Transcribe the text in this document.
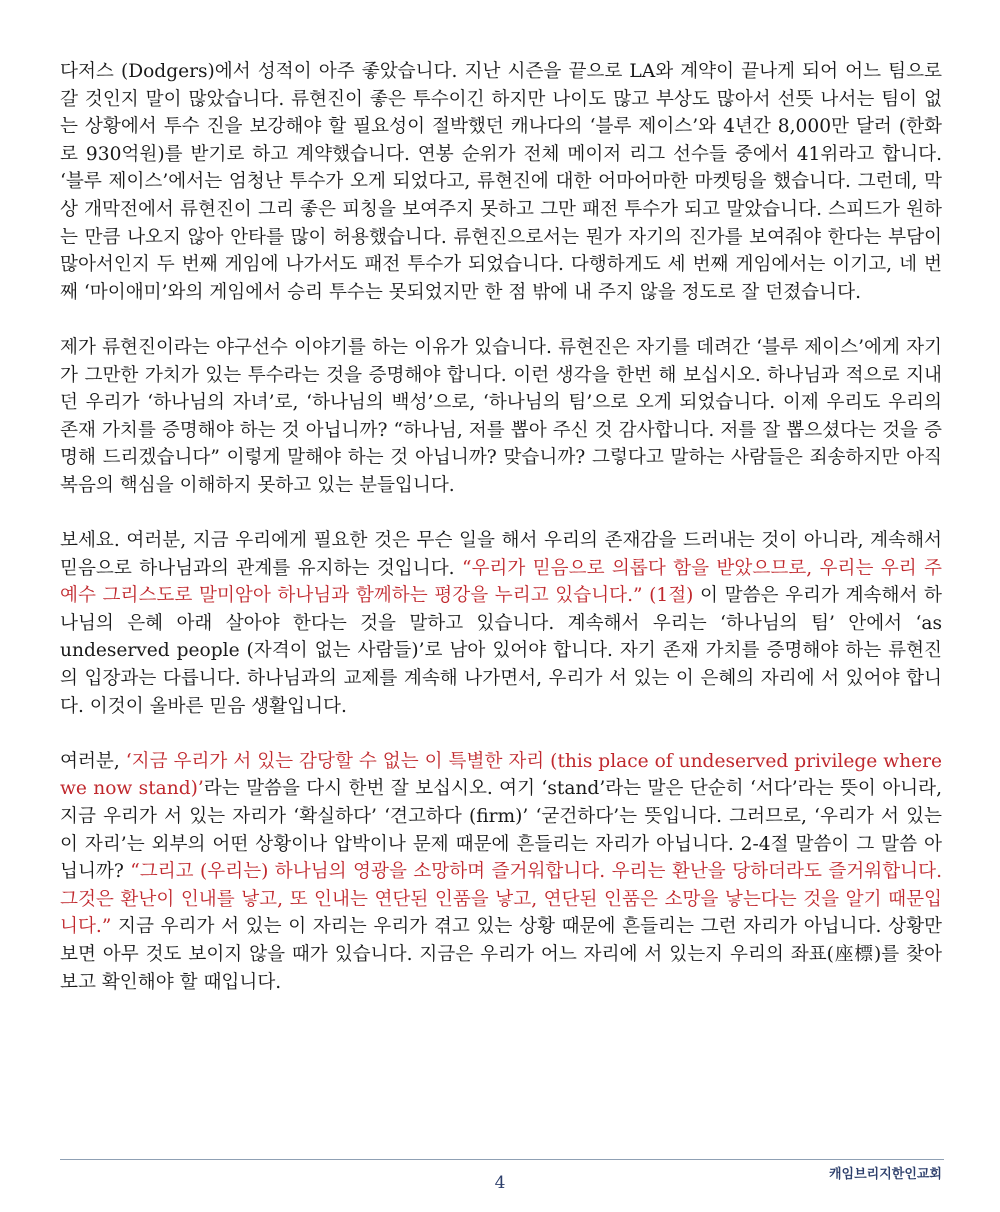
다저스 (Dodgers)에서 성적이 아주 좋았습니다. 지난 시즌을 끝으로 LA와 계약이 끝나게 되어 어느 팀으로 갈 것인지 말이 많았습니다. 류현진이 좋은 투수이긴 하지만 나이도 많고 부상도 많아서 선뜻 나서는 팀이 없는 상황에서 투수 진을 보강해야 할 필요성이 절박했던 캐나다의 ‘블루 제이스’와 4년간 8,000만 달러 (한화로 930억원)를 받기로 하고 계약했습니다. 연봉 순위가 전체 메이저 리그 선수들 중에서 41위라고 합니다. ‘블루 제이스’에서는 엄청난 투수가 오게 되었다고, 류현진에 대한 어마어마한 마켓팅을 했습니다. 그런데, 막상 개막전에서 류현진이 그리 좋은 피칭을 보여주지 못하고 그만 패전 투수가 되고 말았습니다. 스피드가 원하는 만큼 나오지 않아 안타를 많이 허용했습니다. 류현진으로서는 뭔가 자기의 진가를 보여줘야 한다는 부담이 많아서인지 두 번째 게임에 나가서도 패전 투수가 되었습니다. 다행하게도 세 번째 게임에서는 이기고, 네 번째 ‘마이애미’와의 게임에서 승리 투수는 못되었지만 한 점 밖에 내 주지 않을 정도로 잘 던졌습니다.

제가 류현진이라는 야구선수 이야기를 하는 이유가 있습니다. 류현진은 자기를 데려간 ‘블루 제이스’에게 자기가 그만한 가치가 있는 투수라는 것을 증명해야 합니다. 이런 생각을 한번 해 보십시오. 하나님과 적으로 지내던 우리가 ‘하나님의 자녀’로, ‘하나님의 백성’으로, ‘하나님의 팀’으로 오게 되었습니다. 이제 우리도 우리의 존재 가치를 증명해야 하는 것 아닙니까? “하나님, 저를 뽑아 주신 것 감사합니다. 저를 잘 뽑으셨다는 것을 증명해 드리겠습니다” 이렇게 말해야 하는 것 아닙니까? 맞습니까? 그렇다고 말하는 사람들은 죄송하지만 아직 복음의 핵심을 이해하지 못하고 있는 분들입니다.

보세요. 여러분, 지금 우리에게 필요한 것은 무슨 일을 해서 우리의 존재감을 드러내는 것이 아니라, 계속해서 믿음으로 하나님과의 관계를 유지하는 것입니다. “우리가 믿음으로 의롭다 함을 받았으므로, 우리는 우리 주 예수 그리스도로 말미암아 하나님과 함께하는 평강을 누리고 있습니다.” (1절) 이 말씀은 우리가 계속해서 하나님의 은혜 아래 살아야 한다는 것을 말하고 있습니다. 계속해서 우리는 ‘하나님의 팀’ 안에서 ‘as undeserved people (자격이 없는 사람들)’로 남아 있어야 합니다. 자기 존재 가치를 증명해야 하는 류현진의 입장과는 다릅니다. 하나님과의 교제를 계속해 나가면서, 우리가 서 있는 이 은혜의 자리에 서 있어야 합니다. 이것이 올바른 믿음 생활입니다.

여러분, ‘지금 우리가 서 있는 감당할 수 없는 이 특별한 자리 (this place of undeserved privilege where we now stand)’라는 말씀을 다시 한번 잘 보십시오. 여기 ‘stand’라는 말은 단순히 ‘서다’라는 뜻이 아니라, 지금 우리가 서 있는 자리가 ‘확실하다’ ‘견고하다 (firm)’ ‘굳건하다’는 뜻입니다. 그러므로, ‘우리가 서 있는 이 자리’는 외부의 어떤 상황이나 압박이나 문제 때문에 흔들리는 자리가 아닙니다. 2-4절 말씀이 그 말씀 아닙니까? “그리고 (우리는) 하나님의 영광을 소망하며 즐거워합니다. 우리는 환난을 당하더라도 즐거워합니다. 그것은 환난이 인내를 낳고, 또 인내는 연단된 인품을 낳고, 연단된 인품은 소망을 낳는다는 것을 알기 때문입니다.” 지금 우리가 서 있는 이 자리는 우리가 겪고 있는 상황 때문에 흔들리는 그런 자리가 아닙니다. 상황만 보면 아무 것도 보이지 않을 때가 있습니다. 지금은 우리가 어느 자리에 서 있는지 우리의 좌표(座標)를 찾아보고 확인해야 할 때입니다.

캐임브리지한인교회
4
